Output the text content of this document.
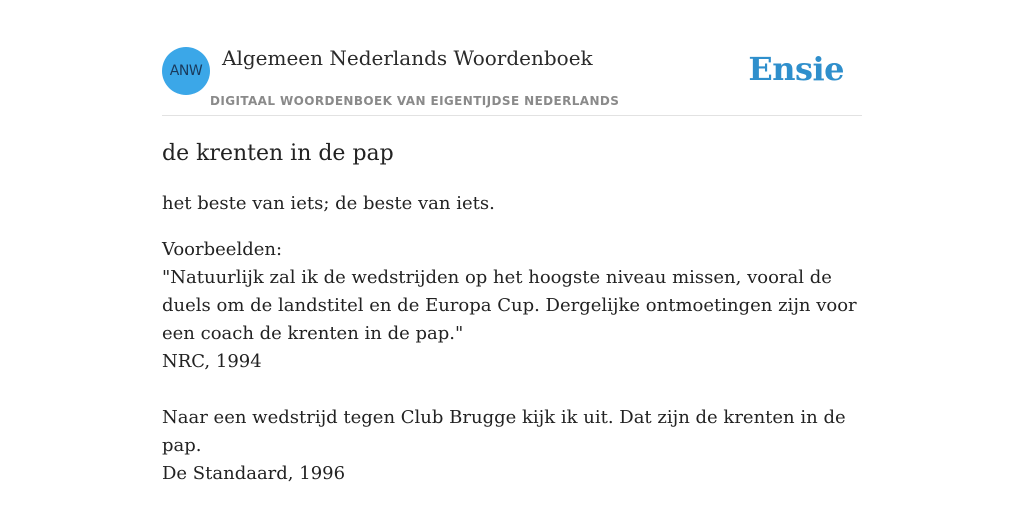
ANW
Algemeen Nederlands Woordenboek
DIGITAAL WOORDENBOEK VAN EIGENTIJDSE NEDERLANDS
Ensie
de krenten in de pap

het beste van iets; de beste van iets.

Voorbeelden:
"Natuurlijk zal ik de wedstrijden op het hoogste niveau missen, vooral de duels om de landstitel en de Europa Cup. Dergelijke ontmoetingen zijn voor een coach de krenten in de pap."
NRC, 1994
Naar een wedstrijd tegen Club Brugge kijk ik uit. Dat zijn de krenten in de pap.
De Standaard, 1996
